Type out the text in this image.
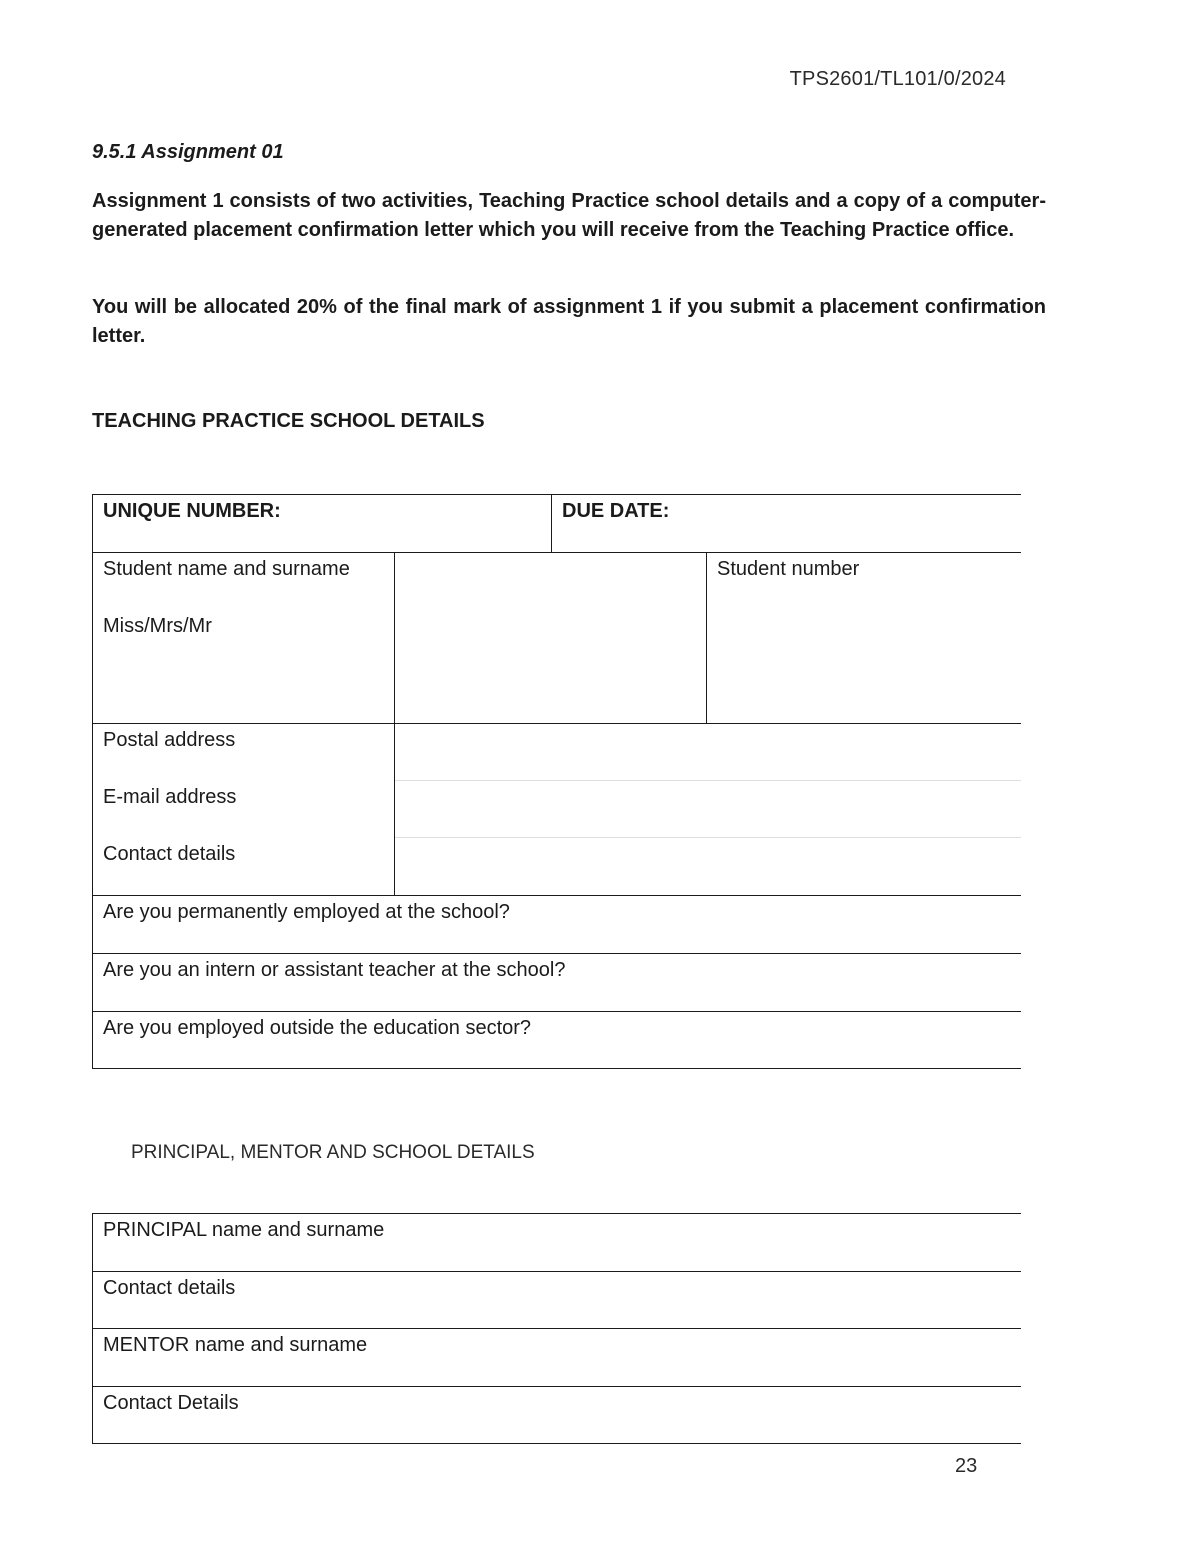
TPS2601/TL101/0/2024
9.5.1 Assignment 01

Assignment 1 consists of two activities, Teaching Practice school details and a copy of a computer-generated placement confirmation letter which you will receive from the Teaching Practice office.

You will be allocated 20% of the final mark of assignment 1 if you submit a placement confirmation letter.

TEACHING PRACTICE SCHOOL DETAILS
UNIQUE NUMBER:		DUE DATE:	

Student name and surname
Miss/Mrs/Mr			Student number

Postal address
E-mail address
Contact details			

Are you permanently employed at the school?			

Are you an intern or assistant teacher at the school?			

Are you employed outside the education sector?			
PRINCIPAL, MENTOR AND SCHOOL DETAILS
PRINCIPAL name and surname

Contact details

MENTOR name and surname

Contact Details
23
